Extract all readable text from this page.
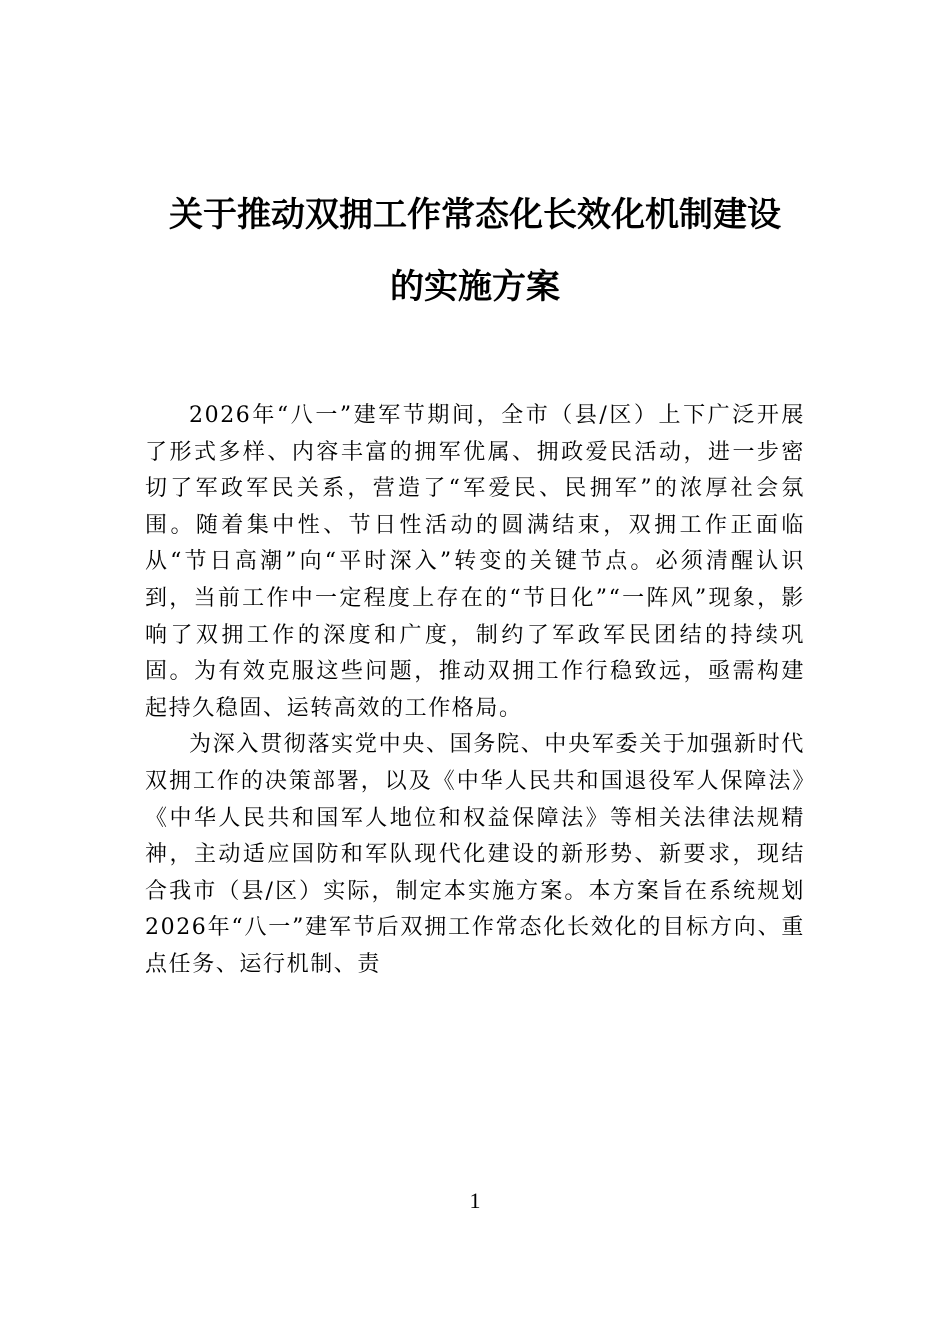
关于推动双拥工作常态化长效化机制建设
的实施方案

2026年“八一”建军节期间，全市（县/区）上下广泛开展了形式多样、内容丰富的拥军优属、拥政爱民活动，进一步密切了军政军民关系，营造了“军爱民、民拥军”的浓厚社会氛围。随着集中性、节日性活动的圆满结束，双拥工作正面临从“节日高潮”向“平时深入”转变的关键节点。必须清醒认识到，当前工作中一定程度上存在的“节日化”“一阵风”现象，影响了双拥工作的深度和广度，制约了军政军民团结的持续巩固。为有效克服这些问题，推动双拥工作行稳致远，亟需构建起持久稳固、运转高效的工作格局。

为深入贯彻落实党中央、国务院、中央军委关于加强新时代双拥工作的决策部署，以及《中华人民共和国退役军人保障法》《中华人民共和国军人地位和权益保障法》等相关法律法规精神，主动适应国防和军队现代化建设的新形势、新要求，现结合我市（县/区）实际，制定本实施方案。本方案旨在系统规划2026年“八一”建军节后双拥工作常态化长效化的目标方向、重点任务、运行机制、责

1
